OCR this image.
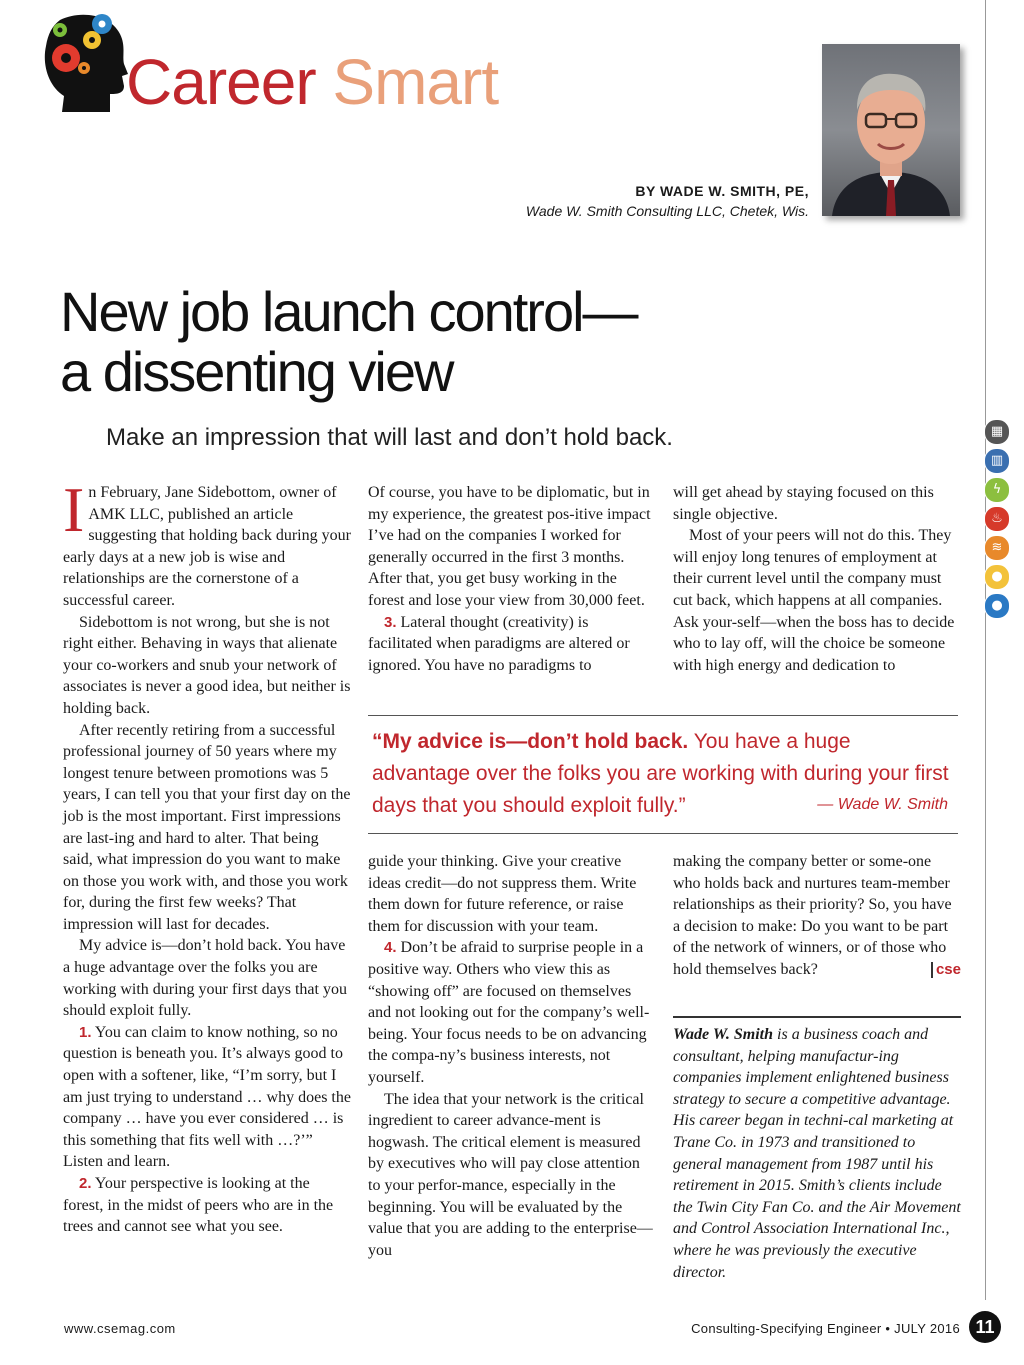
Career Smart
BY WADE W. SMITH, PE,
Wade W. Smith Consulting LLC, Chetek, Wis.
New job launch control—
a dissenting view

Make an impression that will last and don’t hold back.

In February, Jane Sidebottom, owner of AMK LLC, published an article suggesting that holding back during your early days at a new job is wise and relationships are the cornerstone of a successful career.

Sidebottom is not wrong, but she is not right either. Behaving in ways that alienate your co-workers and snub your network of associates is never a good idea, but neither is holding back.

After recently retiring from a successful professional journey of 50 years where my longest tenure between promotions was 5 years, I can tell you that your first day on the job is the most important. First impressions are last-ing and hard to alter. That being said, what impression do you want to make on those you work with, and those you work for, during the first few weeks? That impression will last for decades.

My advice is—don’t hold back. You have a huge advantage over the folks you are working with during your first days that you should exploit fully.

1. You can claim to know nothing, so no question is beneath you. It’s always good to open with a softener, like, “I’m sorry, but I am just trying to understand … why does the company … have you ever considered … is this something that fits well with …?’” Listen and learn.

2. Your perspective is looking at the forest, in the midst of peers who are in the trees and cannot see what you see.

Of course, you have to be diplomatic, but in my experience, the greatest pos-itive impact I’ve had on the companies I worked for generally occurred in the first 3 months. After that, you get busy working in the forest and lose your view from 30,000 feet.

3. Lateral thought (creativity) is facilitated when paradigms are altered or ignored. You have no paradigms to

will get ahead by staying focused on this single objective.

Most of your peers will not do this. They will enjoy long tenures of employment at their current level until the company must cut back, which happens at all companies. Ask your-self—when the boss has to decide who to lay off, will the choice be someone with high energy and dedication to

“My advice is—don’t hold back. You have a huge advantage over the folks you are working with during your first days that you should exploit fully.”	— Wade W. Smith

guide your thinking. Give your creative ideas credit—do not suppress them. Write them down for future reference, or raise them for discussion with your team.

4. Don’t be afraid to surprise people in a positive way. Others who view this as “showing off” are focused on themselves and not looking out for the company’s well-being. Your focus needs to be on advancing the compa-ny’s business interests, not yourself.

The idea that your network is the critical ingredient to career advance-ment is hogwash. The critical element is measured by executives who will pay close attention to your perfor-mance, especially in the beginning. You will be evaluated by the value that you are adding to the enterprise—you

making the company better or some-one who holds back and nurtures team-member relationships as their priority? So, you have a decision to make: Do you want to be part of the network of winners, or of those who hold themselves back?	cse

Wade W. Smith is a business coach and consultant, helping manufactur-ing companies implement enlightened business strategy to secure a competitive advantage. His career began in techni-cal marketing at Trane Co. in 1973 and transitioned to general management from 1987 until his retirement in 2015. Smith’s clients include the Twin City Fan Co. and the Air Movement and Control Association International Inc., where he was previously the executive director.
▦
▥
ϟ
♨
≋
●
●
www.csemag.com	Consulting-Specifying Engineer • JULY 2016 11
